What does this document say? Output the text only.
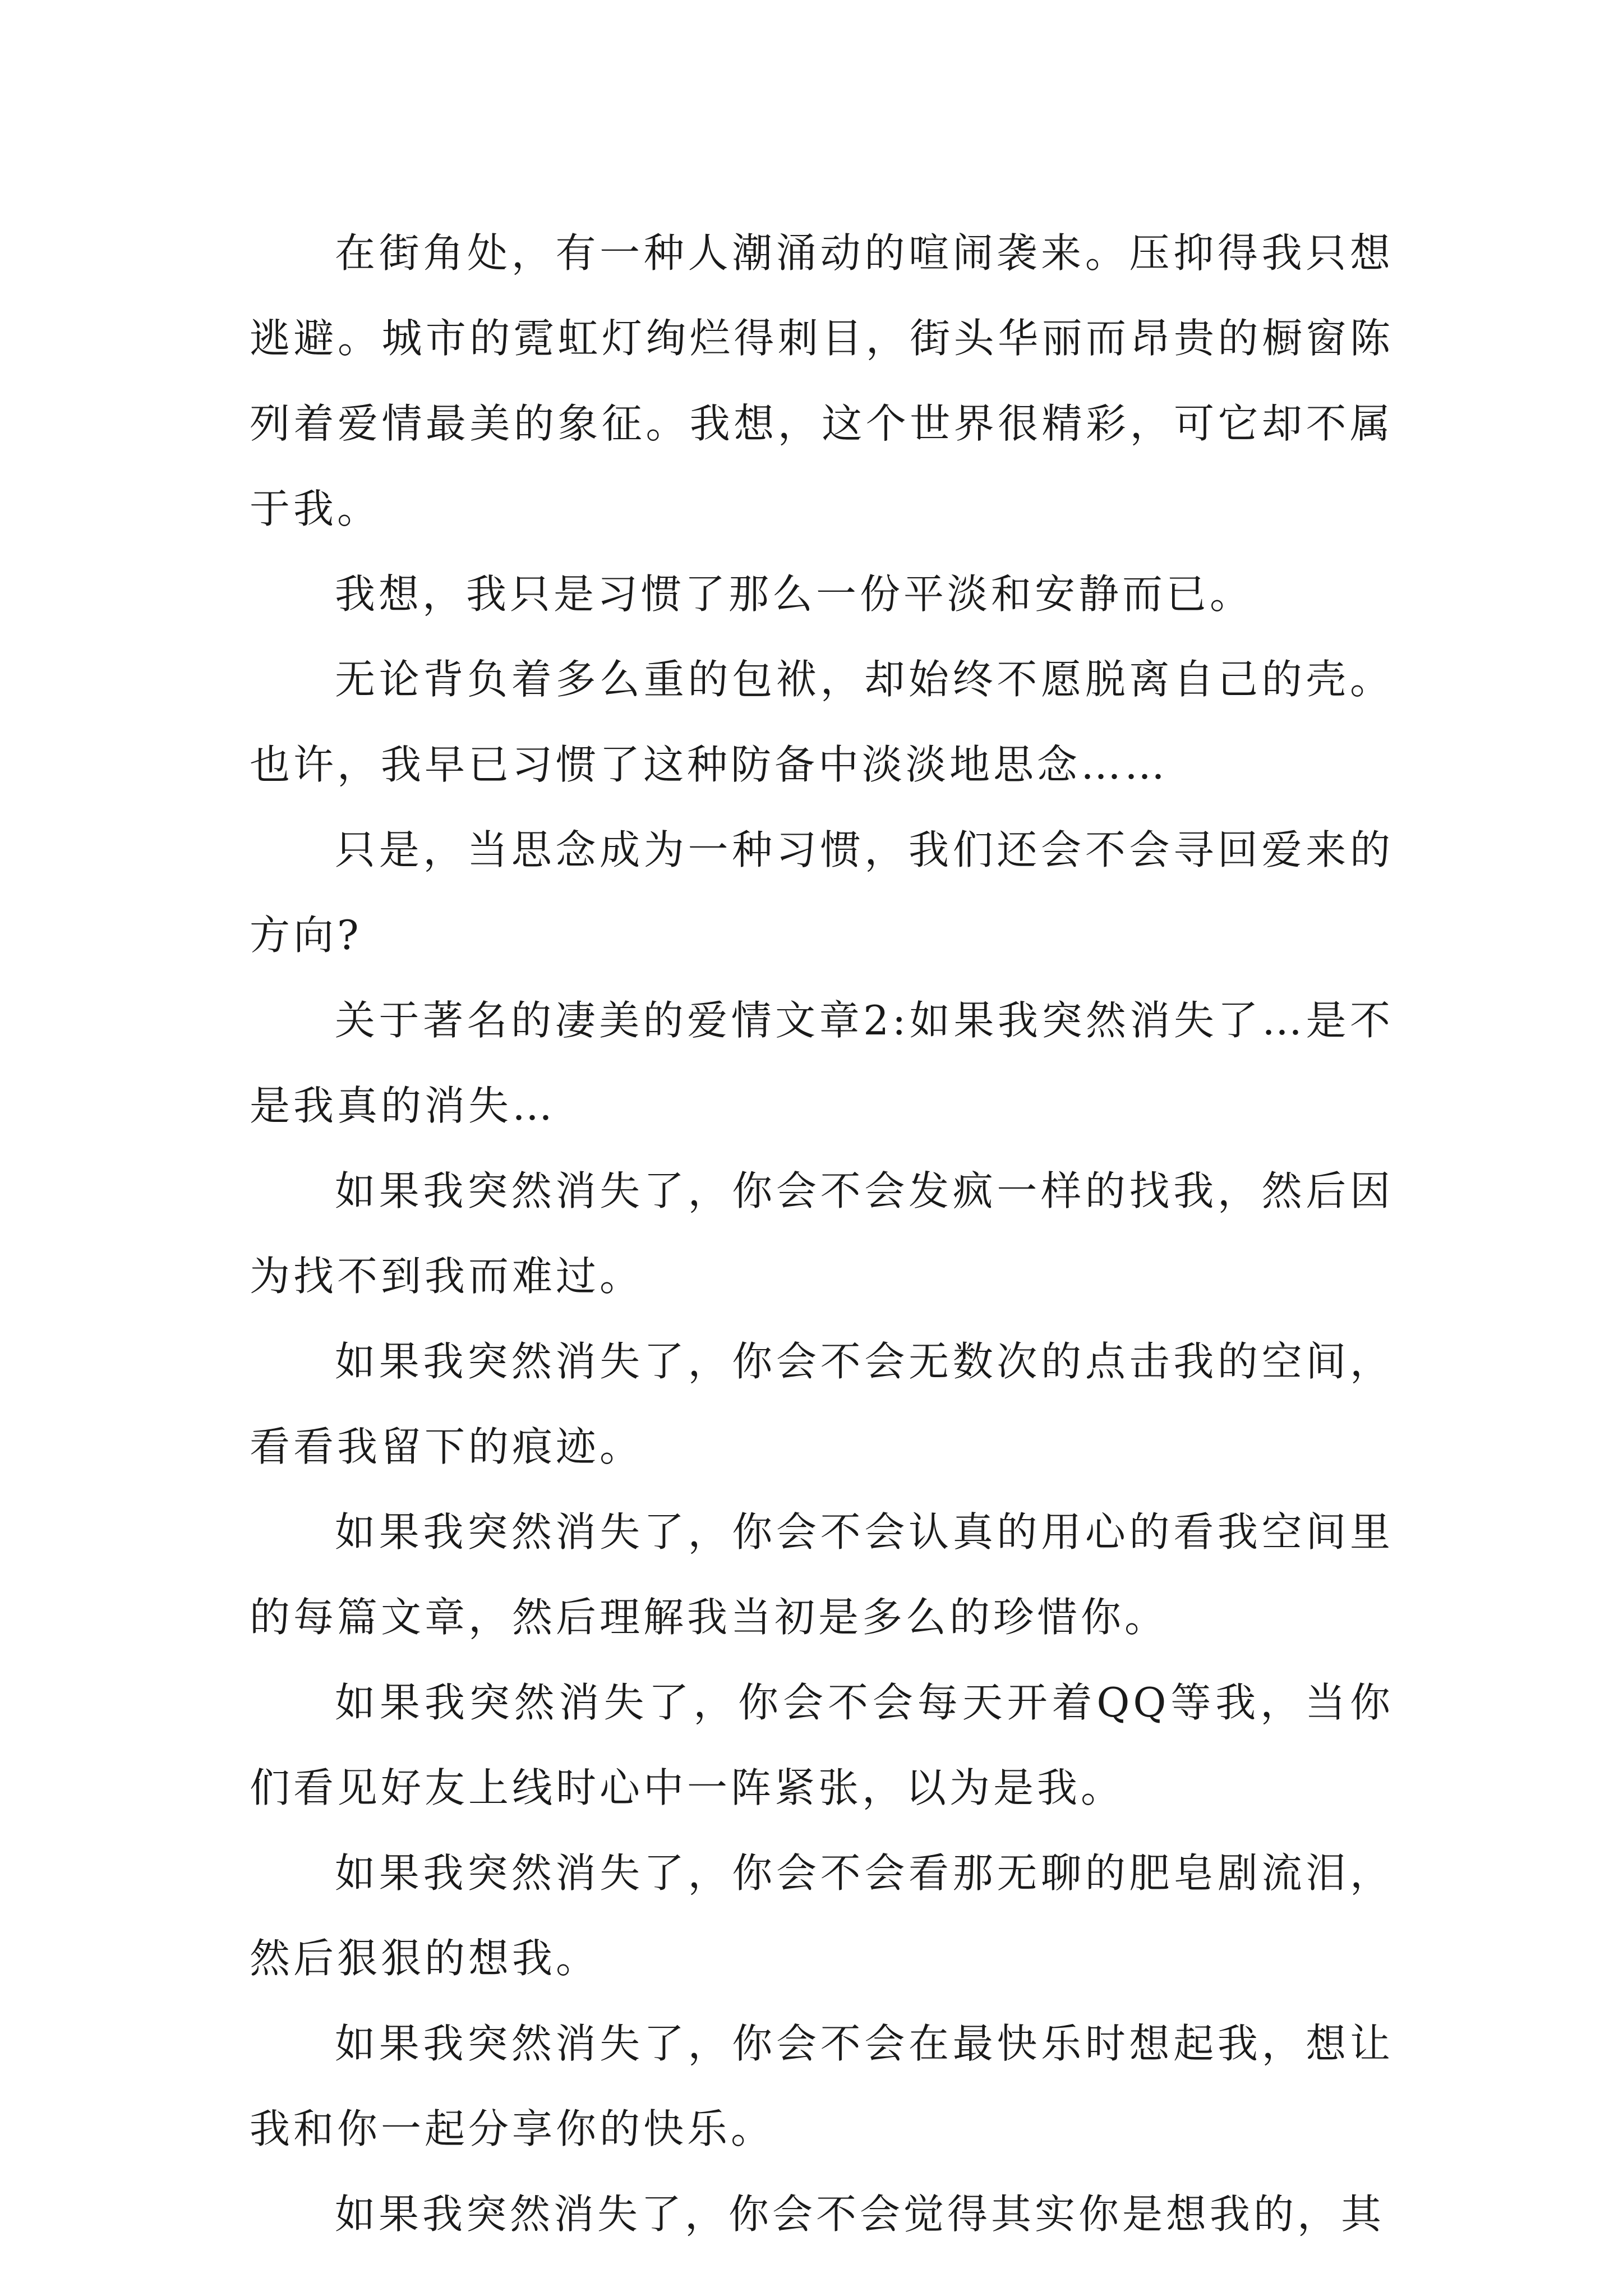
在街角处，有一种人潮涌动的喧闹袭来。压抑得我只想逃避。城市的霓虹灯绚烂得刺目，街头华丽而昂贵的橱窗陈列着爱情最美的象征。我想，这个世界很精彩，可它却不属于我。

我想，我只是习惯了那么一份平淡和安静而已。

无论背负着多么重的包袱，却始终不愿脱离自己的壳。也许，我早已习惯了这种防备中淡淡地思念……

只是，当思念成为一种习惯，我们还会不会寻回爱来的方向?

关于著名的凄美的爱情文章2:如果我突然消失了…是不是我真的消失…

如果我突然消失了，你会不会发疯一样的找我，然后因为找不到我而难过。

如果我突然消失了，你会不会无数次的点击我的空间，看看我留下的痕迹。

如果我突然消失了，你会不会认真的用心的看我空间里的每篇文章，然后理解我当初是多么的珍惜你。

如果我突然消失了，你会不会每天开着QQ等我，当你们看见好友上线时心中一阵紧张，以为是我。

如果我突然消失了，你会不会看那无聊的肥皂剧流泪，然后狠狠的想我。

如果我突然消失了，你会不会在最快乐时想起我，想让我和你一起分享你的快乐。

如果我突然消失了，你会不会觉得其实你是想我的，其
